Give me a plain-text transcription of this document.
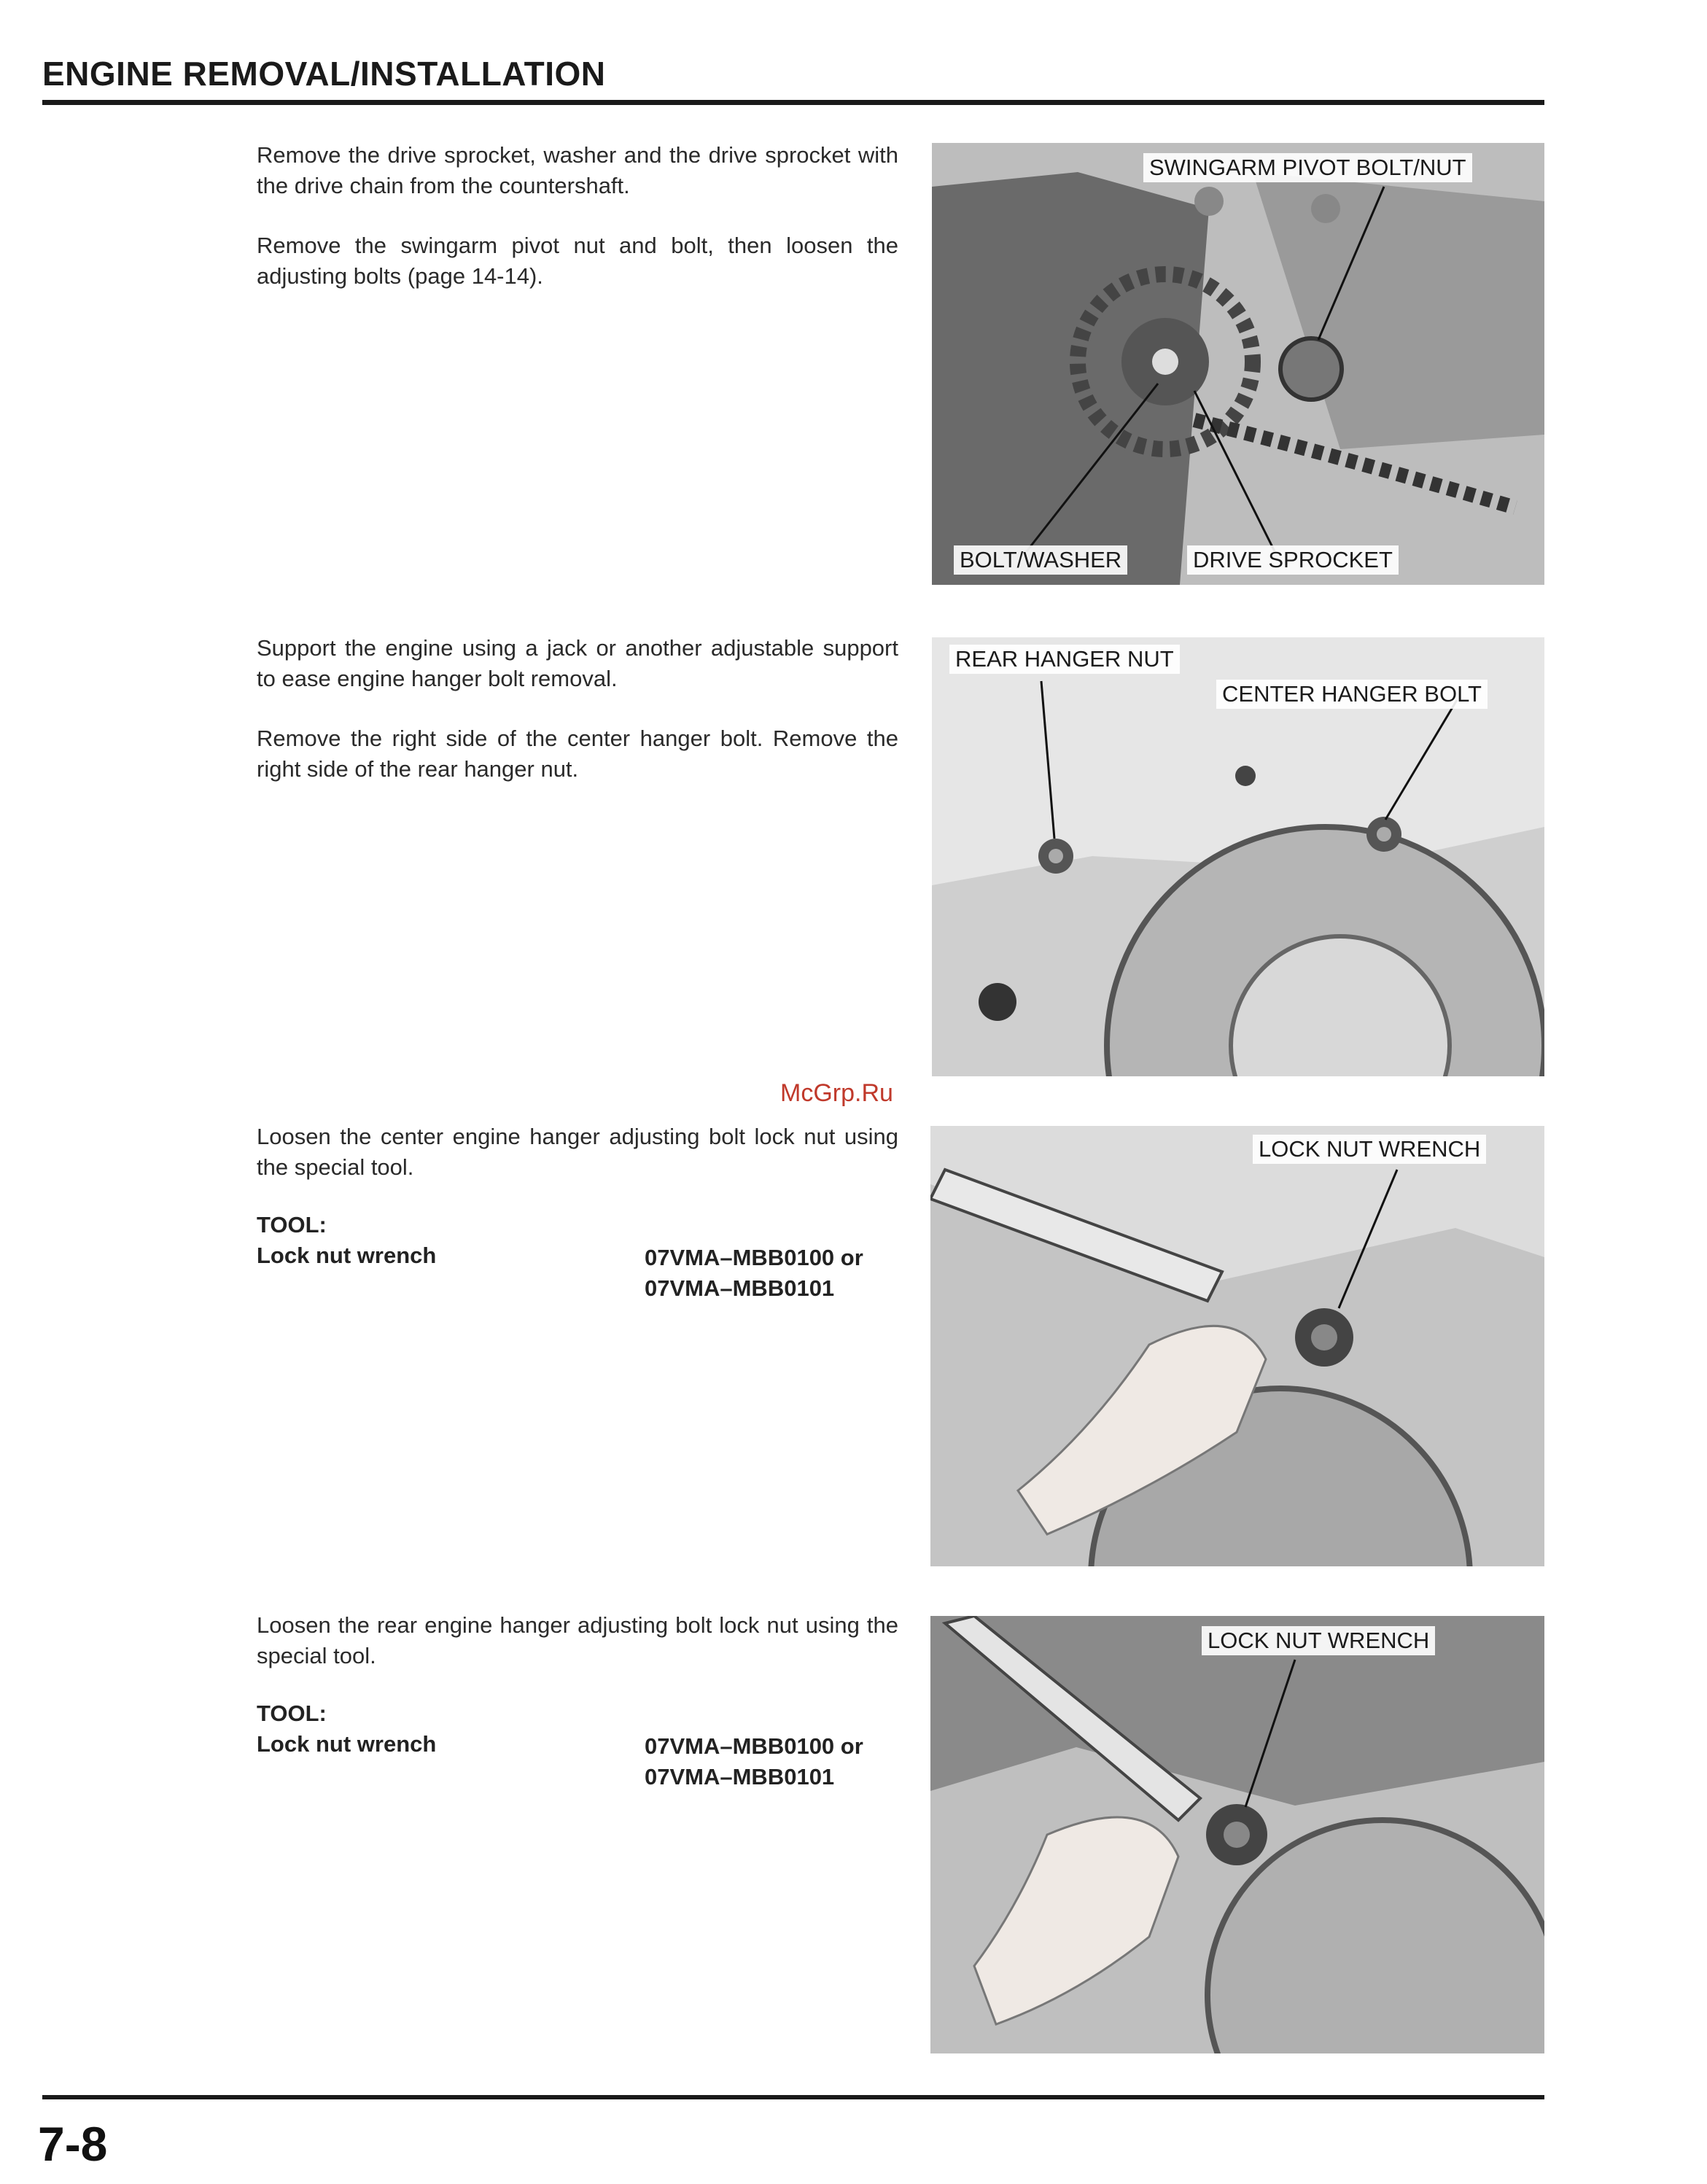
ENGINE REMOVAL/INSTALLATION

Remove the drive sprocket, washer and the drive sprocket with the drive chain from the countershaft.

Remove the swingarm pivot nut and bolt, then loosen the adjusting bolts (page 14-14).

SWINGARM PIVOT BOLT/NUT
BOLT/WASHER	DRIVE SPROCKET

Support the engine using a jack or another adjustable support to ease engine hanger bolt removal.

Remove the right side of the center hanger bolt. Remove the right side of the rear hanger nut.

REAR HANGER NUT
CENTER HANGER BOLT
McGrp.Ru

Loosen the center engine hanger adjusting bolt lock nut using the special tool.

TOOL:
Lock nut wrench	07VMA–MBB0100 or
07VMA–MBB0101
LOCK NUT WRENCH

Loosen the rear engine hanger adjusting bolt lock nut using the special tool.

TOOL:
Lock nut wrench	07VMA–MBB0100 or
07VMA–MBB0101
LOCK NUT WRENCH
7-8
